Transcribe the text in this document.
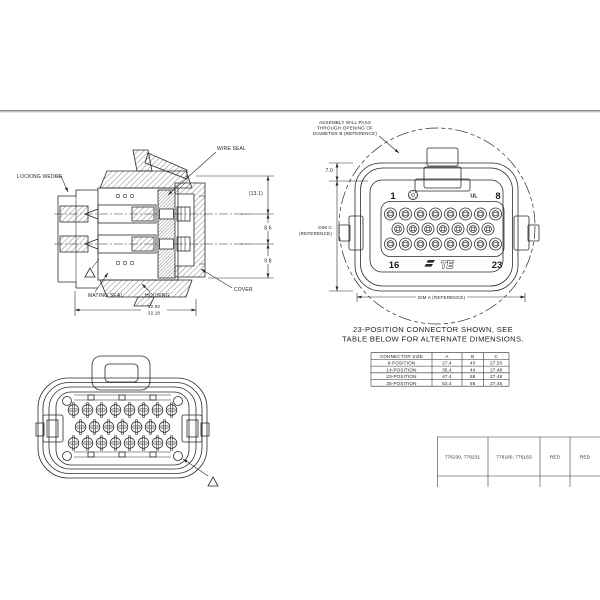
LOCKING WEDGE
WIRE SEAL
COVER
MATING SEAL	HOUSING
(13.1)
8.6
9.8
32.92
32.18
ASSEMBLY WILL PASS
THROUGH OPENING OF
DIAMETER B (REFERENCE)
1	8
16	23
UL
TE
7.0
DIM C
(REFERENCE)
DIM A (REFERENCE)
23-POSITION CONNECTOR SHOWN, SEE
TABLE BELOW FOR ALTERNATE DIMENSIONS.
CONNECTOR SIZE	A	B	C
8-POSITION	27.4	40	27.50
14-POSITION	35.4	44	27.48
23-POSITION	47.4	58	27.48
35-POSITION	63.4	66	27.45
776230, 776231	776180, 776163	RED	RED
